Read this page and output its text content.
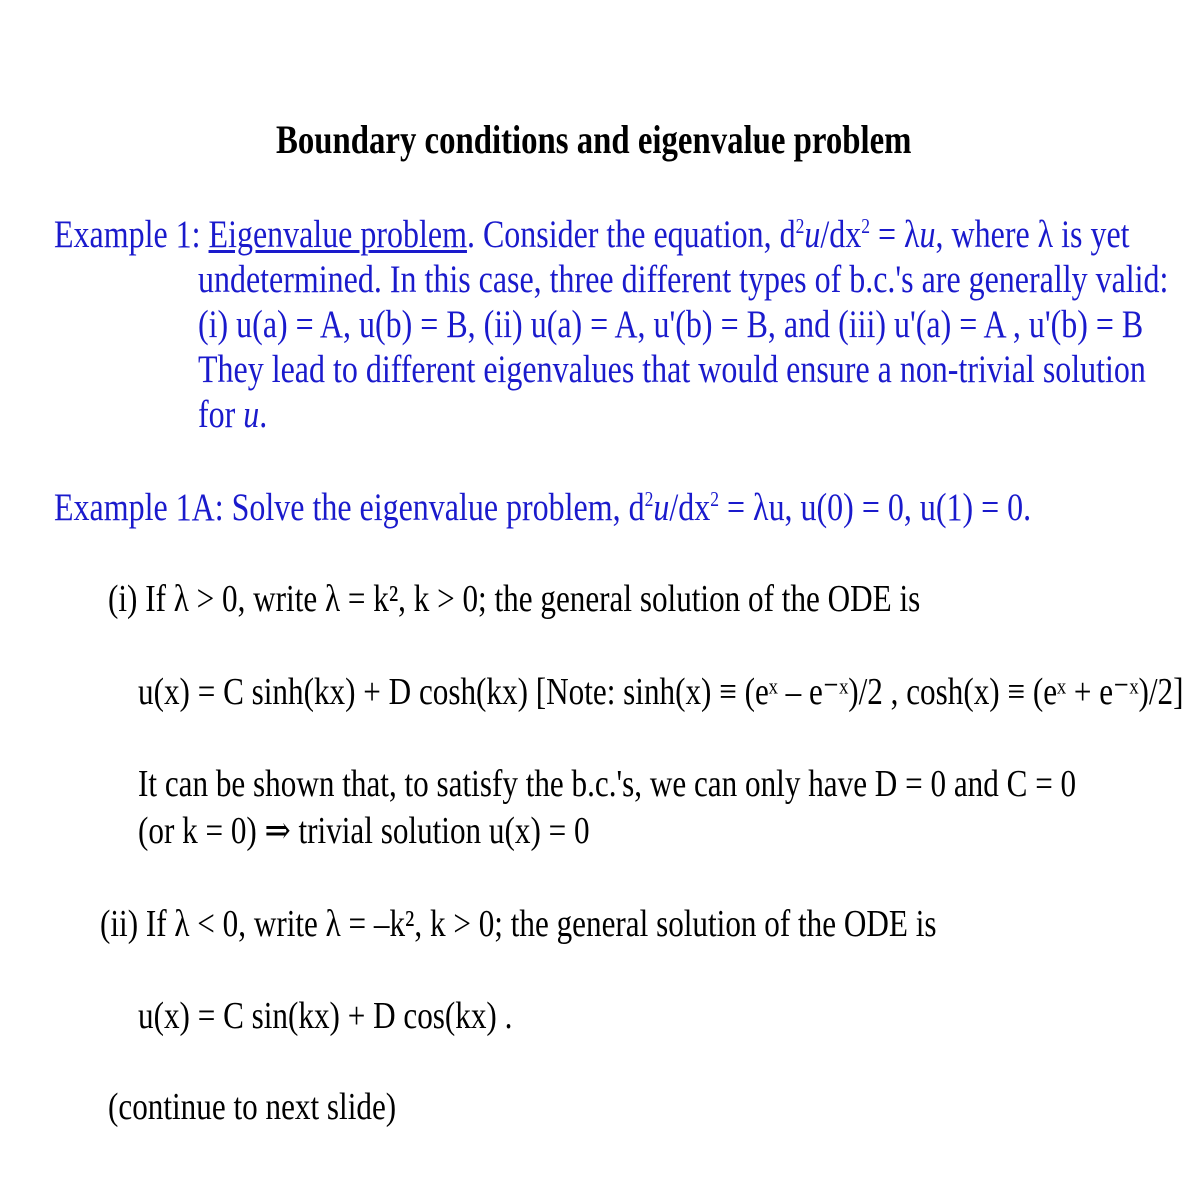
Boundary conditions and eigenvalue problem
Example 1: Eigenvalue problem. Consider the equation, $d^2u/dx^2 = \lambda u$, where λ is yet
undetermined. In this case, three different types of b.c.'s are generally valid:
(i) u(a) = A, u(b) = B, (ii) u(a) = A, u'(b) = B, and (iii) u'(a) = A , u'(b) = B
They lead to different eigenvalues that would ensure a non-trivial solution
for u.
Example 1A: Solve the eigenvalue problem, $d^2u/dx^2 = \lambda u$, u(0) = 0, u(1) = 0.
(i) If λ > 0, write λ = k², k > 0; the general solution of the ODE is
u(x) = C sinh(kx) + D cosh(kx) [Note: sinh(x) ≡ (eˣ – e⁻ˣ)/2 , cosh(x) ≡ (eˣ + e⁻ˣ)/2]
It can be shown that, to satisfy the b.c.'s, we can only have D = 0 and C = 0
(or k = 0) ⇒ trivial solution u(x) = 0
(ii) If λ < 0, write λ = –k², k > 0; the general solution of the ODE is
u(x) = C sin(kx) + D cos(kx) .
(continue to next slide)
